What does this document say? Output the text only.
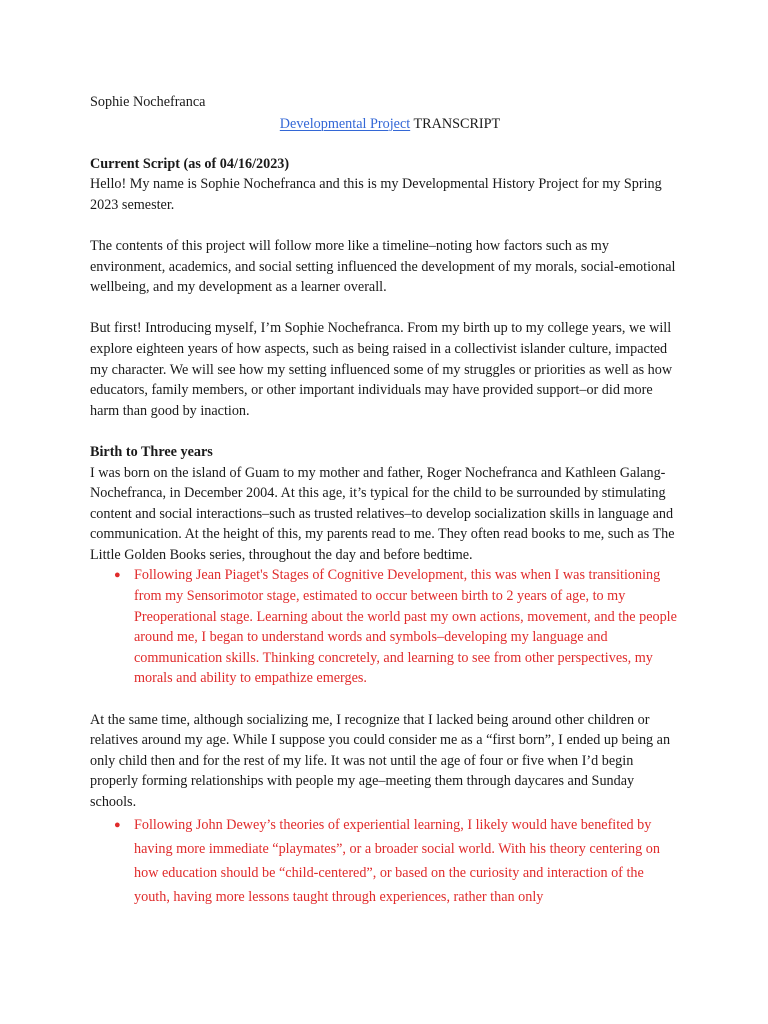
Sophie Nochefranca
Developmental Project TRANSCRIPT
Current Script (as of 04/16/2023)

Hello! My name is Sophie Nochefranca and this is my Developmental History Project for my Spring 2023 semester.

The contents of this project will follow more like a timeline–noting how factors such as my environment, academics, and social setting influenced the development of my morals, social-emotional wellbeing, and my development as a learner overall.

But first! Introducing myself, I’m Sophie Nochefranca. From my birth up to my college years, we will explore eighteen years of how aspects, such as being raised in a collectivist islander culture, impacted my character. We will see how my setting influenced some of my struggles or priorities as well as how educators, family members, or other important individuals may have provided support–or did more harm than good by inaction.

Birth to Three years

I was born on the island of Guam to my mother and father, Roger Nochefranca and Kathleen Galang-Nochefranca, in December 2004. At this age, it’s typical for the child to be surrounded by stimulating content and social interactions–such as trusted relatives–to develop socialization skills in language and communication. At the height of this, my parents read to me. They often read books to me, such as The Little Golden Books series, throughout the day and before bedtime.

● Following Jean Piaget's Stages of Cognitive Development, this was when I was transitioning from my Sensorimotor stage, estimated to occur between birth to 2 years of age, to my Preoperational stage. Learning about the world past my own actions, movement, and the people around me, I began to understand words and symbols–developing my language and communication skills. Thinking concretely, and learning to see from other perspectives, my morals and ability to empathize emerges.

At the same time, although socializing me, I recognize that I lacked being around other children or relatives around my age. While I suppose you could consider me as a “first born”, I ended up being an only child then and for the rest of my life. It was not until the age of four or five when I’d begin properly forming relationships with people my age–meeting them through daycares and Sunday schools.

● Following John Dewey’s theories of experiential learning, I likely would have benefited by having more immediate “playmates”, or a broader social world. With his theory centering on how education should be “child-centered”, or based on the curiosity and interaction of the youth, having more lessons taught through experiences, rather than only
